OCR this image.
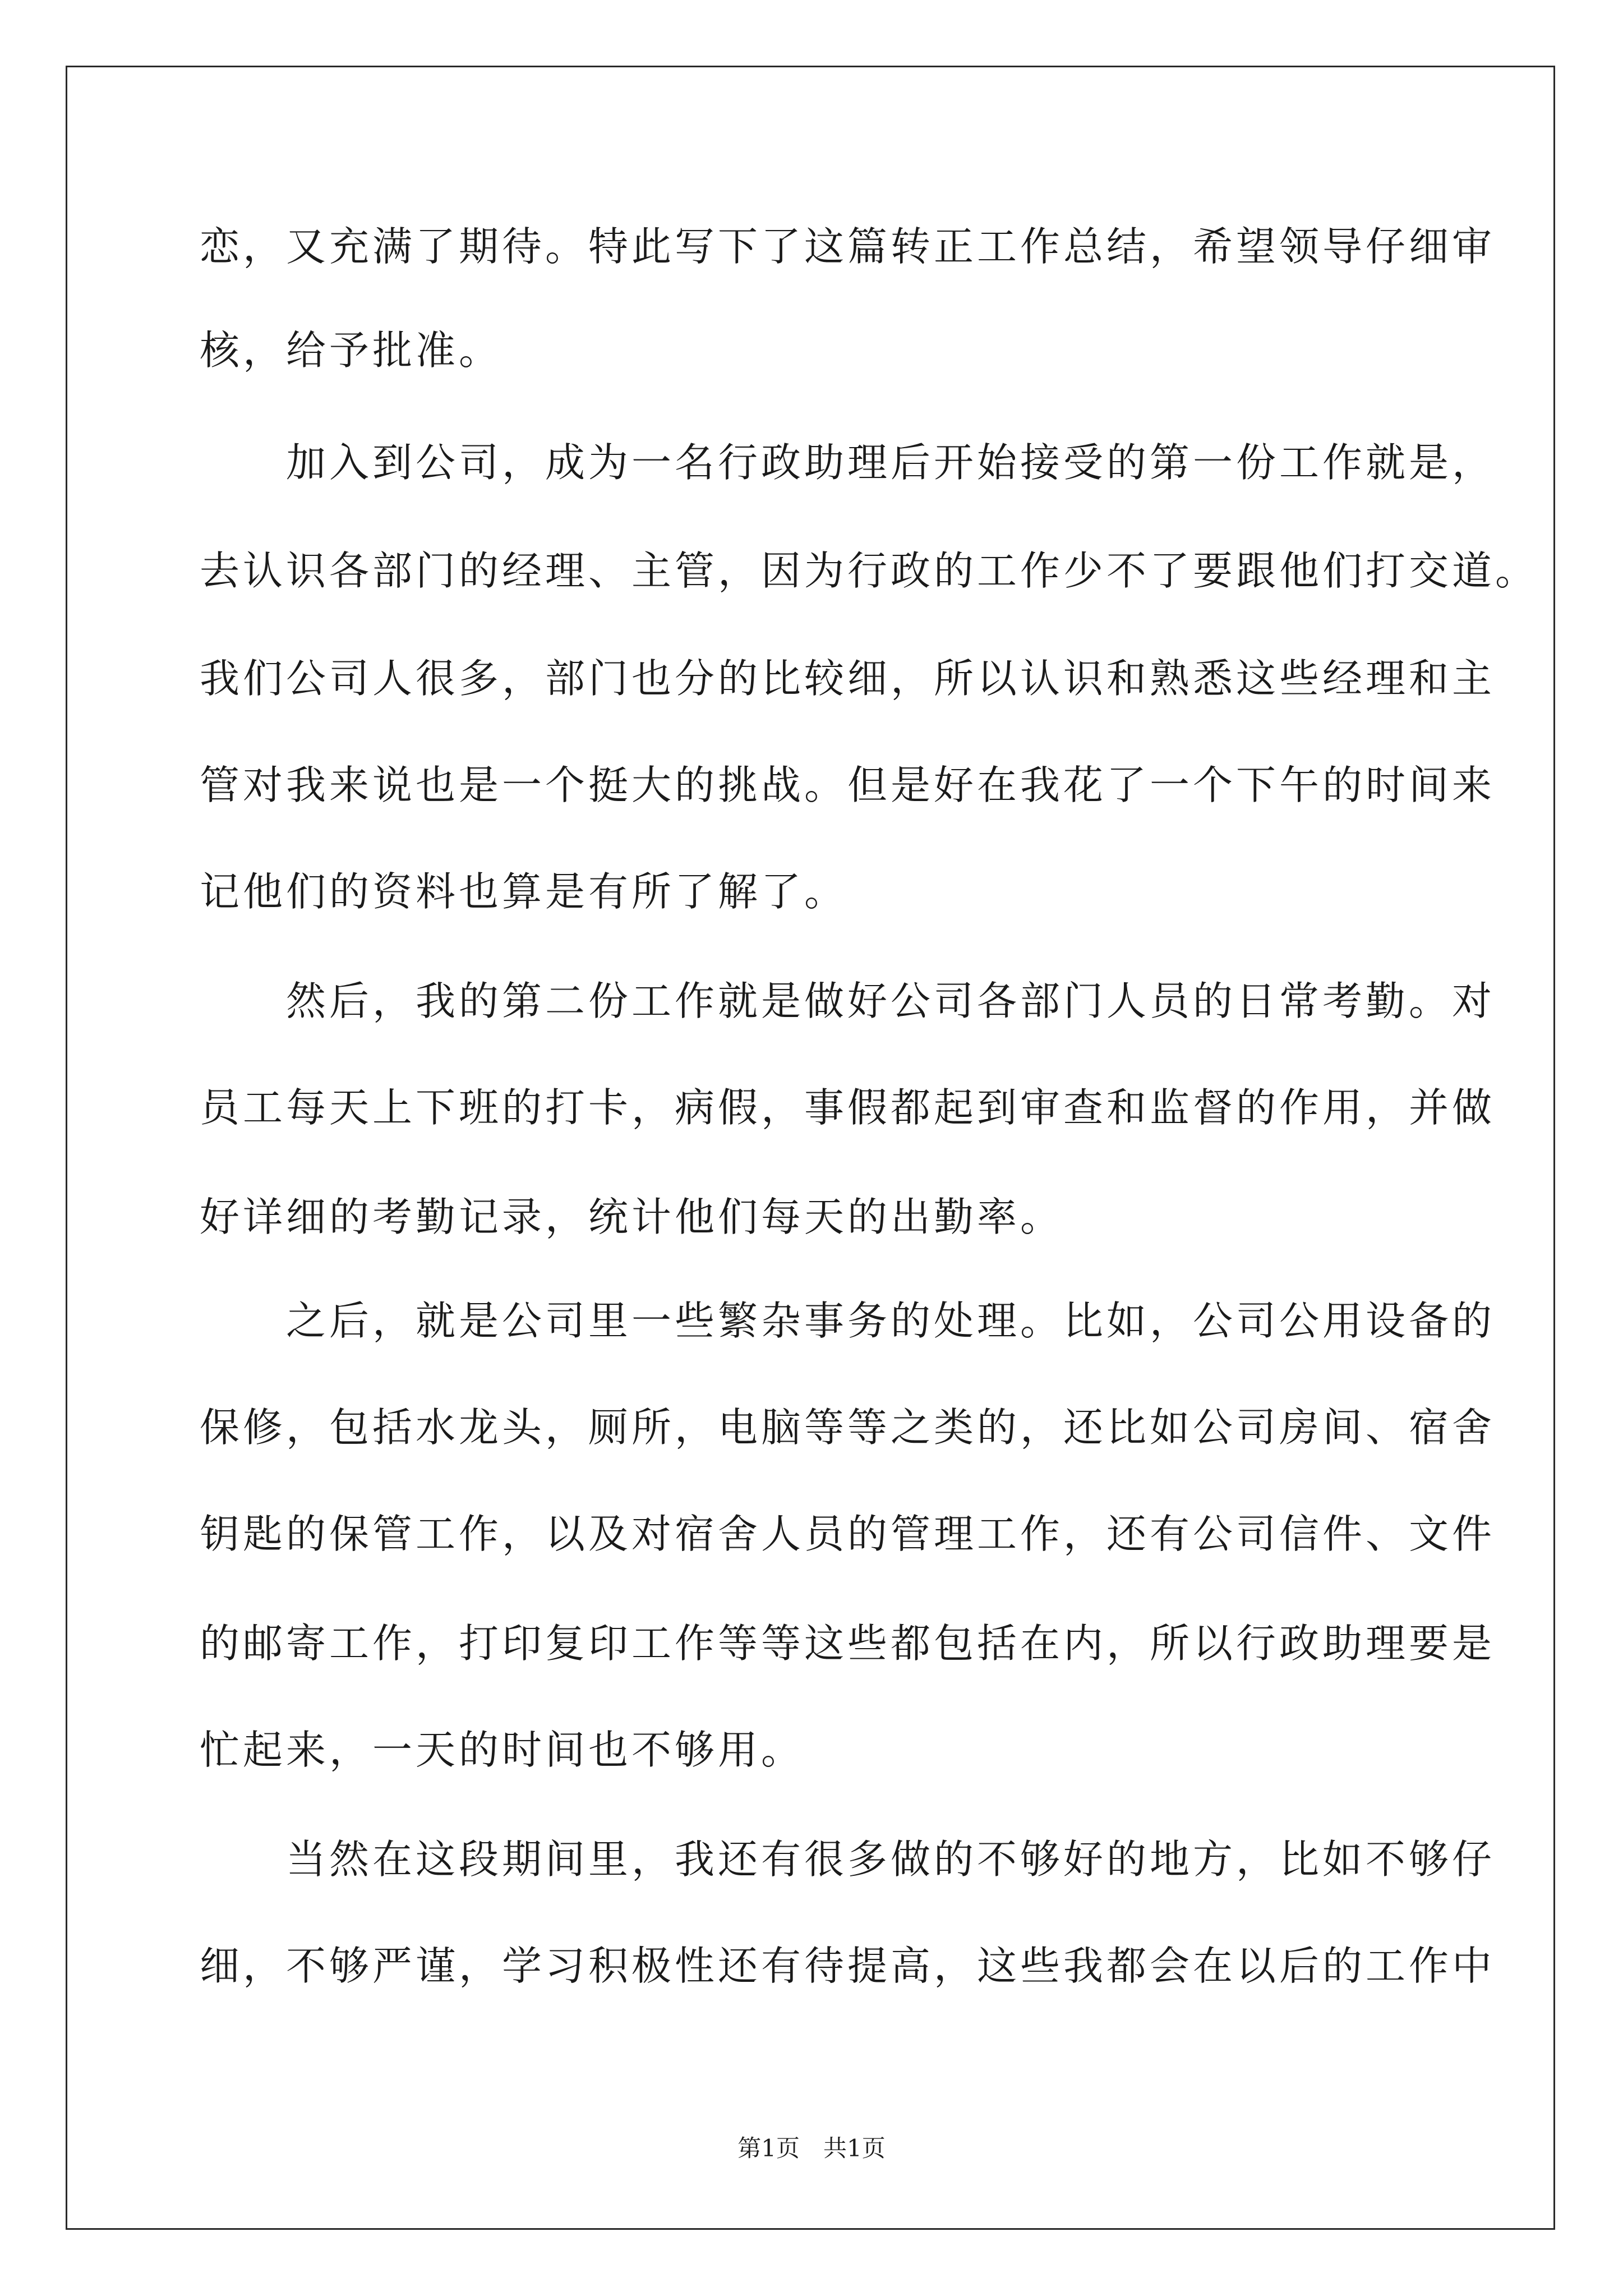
恋，又充满了期待。特此写下了这篇转正工作总结，希望领导仔细审

核，给予批准。

　　加入到公司，成为一名行政助理后开始接受的第一份工作就是，

去认识各部门的经理、主管，因为行政的工作少不了要跟他们打交道。

我们公司人很多，部门也分的比较细，所以认识和熟悉这些经理和主

管对我来说也是一个挺大的挑战。但是好在我花了一个下午的时间来

记他们的资料也算是有所了解了。

　　然后，我的第二份工作就是做好公司各部门人员的日常考勤。对

员工每天上下班的打卡，病假，事假都起到审查和监督的作用，并做

好详细的考勤记录，统计他们每天的出勤率。

　　之后，就是公司里一些繁杂事务的处理。比如，公司公用设备的

保修，包括水龙头，厕所，电脑等等之类的，还比如公司房间、宿舍

钥匙的保管工作，以及对宿舍人员的管理工作，还有公司信件、文件

的邮寄工作，打印复印工作等等这些都包括在内，所以行政助理要是

忙起来，一天的时间也不够用。

　　当然在这段期间里，我还有很多做的不够好的地方，比如不够仔

细，不够严谨，学习积极性还有待提高，这些我都会在以后的工作中

第1页　共1页
